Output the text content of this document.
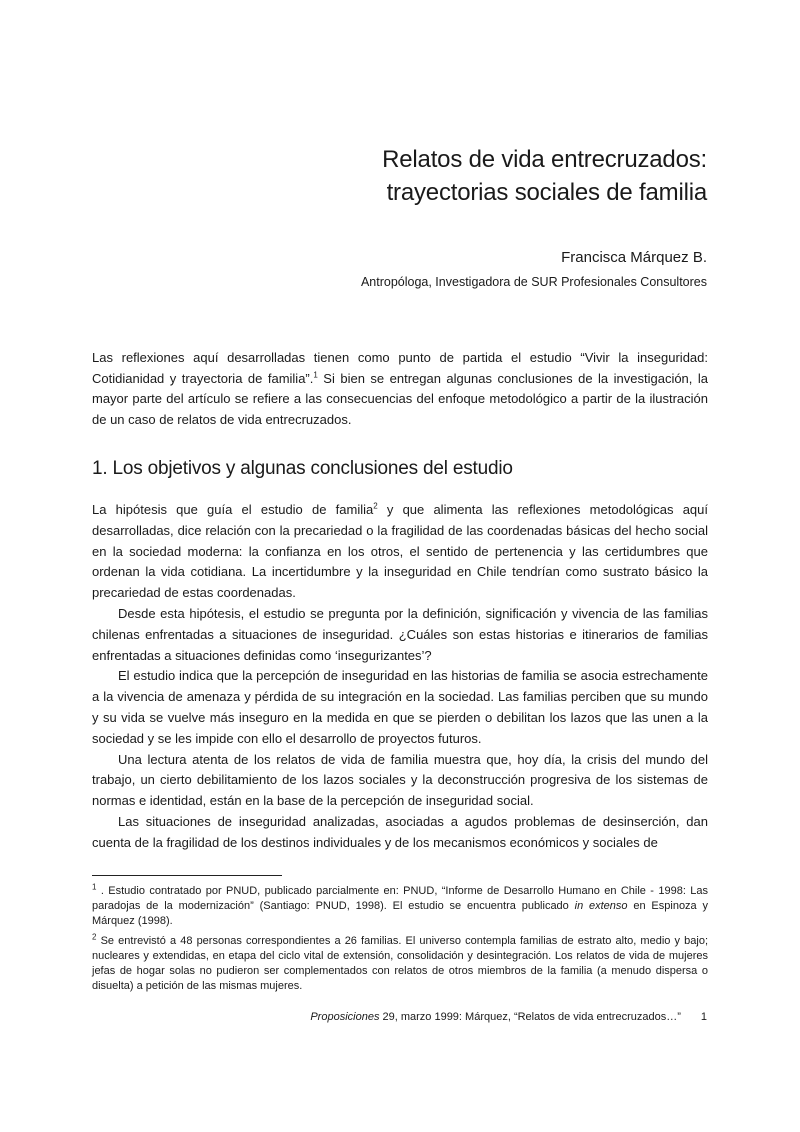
Relatos de vida entrecruzados:
trayectorias sociales de familia
Francisca Márquez B.
Antropóloga, Investigadora de SUR Profesionales Consultores

Las reflexiones aquí desarrolladas tienen como punto de partida el estudio “Vivir la inseguridad: Cotidianidad y trayectoria de familia”.$^1$ Si bien se entregan algunas conclusiones de la investigación, la mayor parte del artículo se refiere a las consecuencias del enfoque metodológico a partir de la ilustración de un caso de relatos de vida entrecruzados.

1. Los objetivos y algunas conclusiones del estudio

La hipótesis que guía el estudio de familia$^2$ y que alimenta las reflexiones metodológicas aquí desarrolladas, dice relación con la precariedad o la fragilidad de las coordenadas básicas del hecho social en la sociedad moderna: la confianza en los otros, el sentido de pertenencia y las certidumbres que ordenan la vida cotidiana. La incertidumbre y la inseguridad en Chile tendrían como sustrato básico la precariedad de estas coordenadas.

Desde esta hipótesis, el estudio se pregunta por la definición, significación y vivencia de las familias chilenas enfrentadas a situaciones de inseguridad. ¿Cuáles son estas historias e itinerarios de familias enfrentadas a situaciones definidas como ‘insegurizantes’?

El estudio indica que la percepción de inseguridad en las historias de familia se asocia estrechamente a la vivencia de amenaza y pérdida de su integración en la sociedad. Las familias perciben que su mundo y su vida se vuelve más inseguro en la medida en que se pierden o debilitan los lazos que las unen a la sociedad y se les impide con ello el desarrollo de proyectos futuros.

Una lectura atenta de los relatos de vida de familia muestra que, hoy día, la crisis del mundo del trabajo, un cierto debilitamiento de los lazos sociales y la deconstrucción progresiva de los sistemas de normas e identidad, están en la base de la percepción de inseguridad social.

Las situaciones de inseguridad analizadas, asociadas a agudos problemas de desinserción, dan cuenta de la fragilidad de los destinos individuales y de los mecanismos económicos y sociales de

$^1$ . Estudio contratado por PNUD, publicado parcialmente en: PNUD, “Informe de Desarrollo Humano en Chile - 1998: Las paradojas de la modernización” (Santiago: PNUD, 1998). El estudio se encuentra publicado in extenso en Espinoza y Márquez (1998).

$^2$ Se entrevistó a 48 personas correspondientes a 26 familias. El universo contempla familias de estrato alto, medio y bajo; nucleares y extendidas, en etapa del ciclo vital de extensión, consolidación y desintegración. Los relatos de vida de mujeres jefas de hogar solas no pudieron ser complementados con relatos de otros miembros de la familia (a menudo dispersa o disuelta) a petición de las mismas mujeres.

Proposiciones 29, marzo 1999: Márquez, “Relatos de vida entrecruzados…” 1
